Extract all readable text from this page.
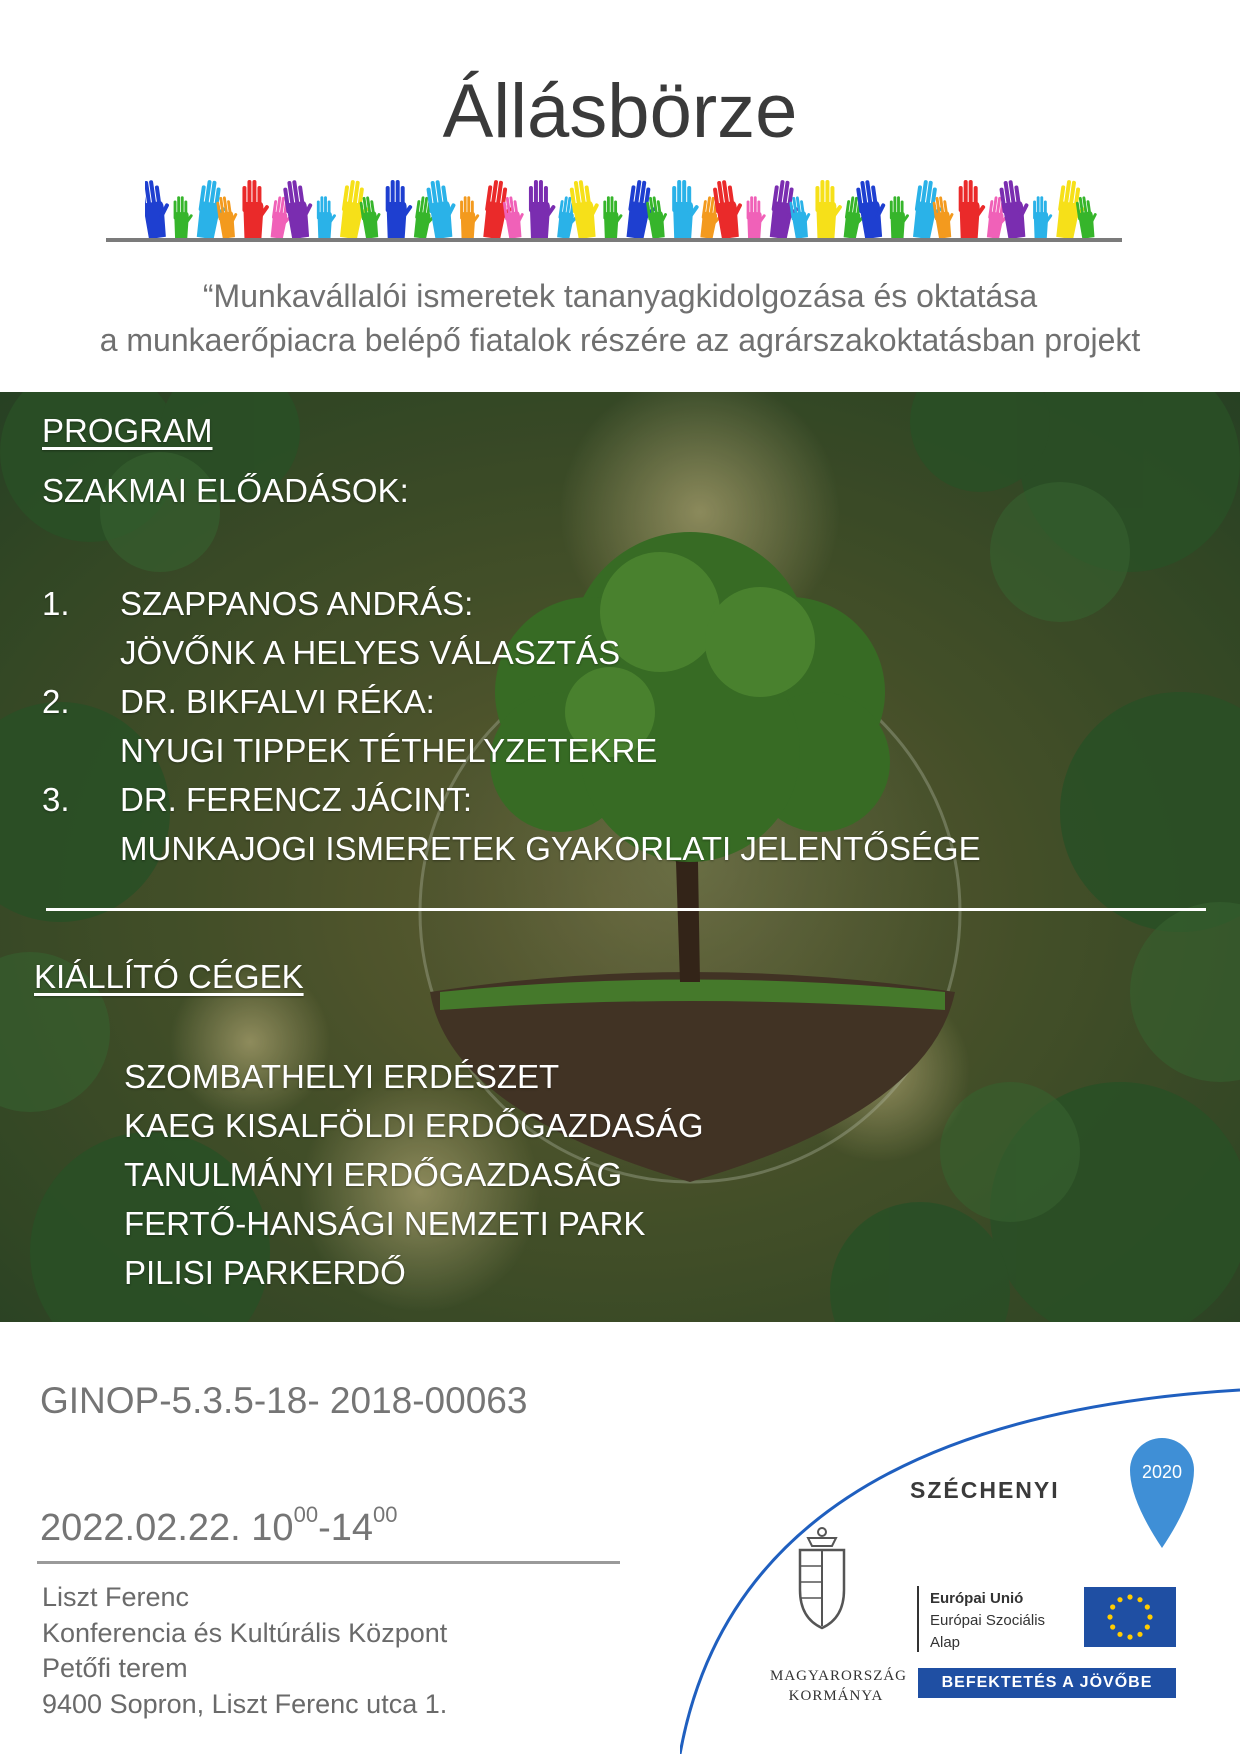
Állásbörze
“Munkavállalói ismeretek tananyagkidolgozása és oktatása
a munkaerőpiacra belépő fiatalok részére az agrárszakoktatásban projekt
PROGRAM
SZAKMAI ELŐADÁSOK:
1. SZAPPANOS ANDRÁS:
JÖVŐNK A HELYES VÁLASZTÁS
2. DR. BIKFALVI RÉKA:
NYUGI TIPPEK TÉTHELYZETEKRE
3. DR. FERENCZ JÁCINT:
MUNKAJOGI ISMERETEK GYAKORLATI JELENTŐSÉGE
KIÁLLÍTÓ CÉGEK
SZOMBATHELYI ERDÉSZET
KAEG KISALFÖLDI ERDŐGAZDASÁG
TANULMÁNYI ERDŐGAZDASÁG
FERTŐ-HANSÁGI NEMZETI PARK
PILISI PARKERDŐ
GINOP-5.3.5-18- 2018-00063
2022.02.22. $10^{00}-14^{00}$
Liszt Ferenc
Konferencia és Kultúrális Központ
Petőfi terem
9400 Sopron, Liszt Ferenc utca 1.
2020
SZÉCHENYI
MAGYARORSZÁG
KORMÁNYA
Európai Unió
Európai Szociális
Alap
BEFEKTETÉS A JÖVŐBE
